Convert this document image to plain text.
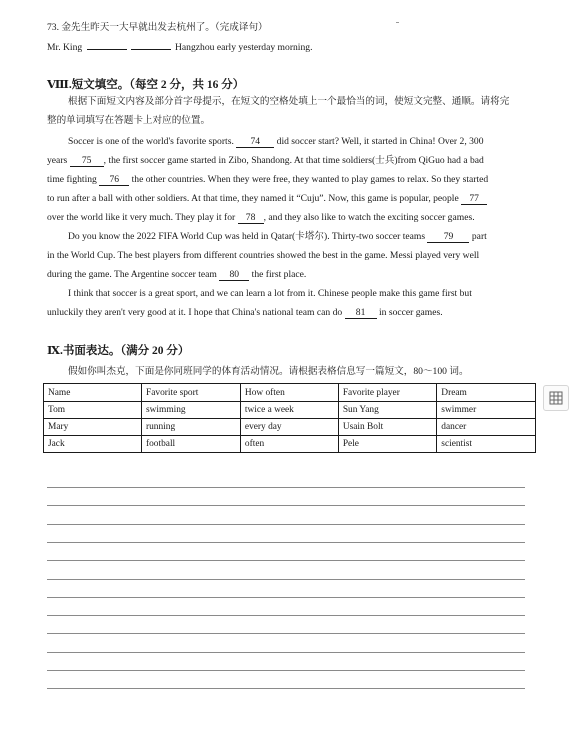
73. 金先生昨天一大早就出发去杭州了。（完成译句）
Mr. King	Hangzhou early yesterday morning.
Ⅷ.短文填空。（每空 2 分，共 16 分）
根据下面短文内容及部分首字母提示，在短文的空格处填上一个最恰当的词，使短文完整、通顺。请将完
整的单词填写在答题卡上对应的位置。
Soccer is one of the world's favorite sports. 74 did soccer start? Well, it started in China! Over 2, 300
years 75 , the first soccer game started in Zibo, Shandong. At that time soldiers(士兵)from QiGuo had a bad
time fighting 76 the other countries. When they were free, they wanted to play games to relax. So they started
to run after a ball with other soldiers. At that time, they named it “Cuju”. Now, this game is popular, people 77
over the world like it very much. They play it for 78 , and they also like to watch the exciting soccer games.
Do you know the 2022 FIFA World Cup was held in Qatar(卡塔尔). Thirty-two soccer teams 79 part
in the World Cup. The best players from different countries showed the best in the game. Messi played very well
during the game. The Argentine soccer team 80 the first place.
I think that soccer is a great sport, and we can learn a lot from it. Chinese people make this game first but
unluckily they aren't very good at it. I hope that China's national team can do 81 in soccer games.
Ⅸ.书面表达。（满分 20 分）
假如你叫杰克，下面是你同班同学的体育活动情况。请根据表格信息写一篇短文，80～100 词。
Name	Favorite sport	How often	Favorite player	Dream
Tom	swimming	twice a week	Sun Yang	swimmer
Mary	running	every day	Usain Bolt	dancer
Jack	football	often	Pele	scientist
